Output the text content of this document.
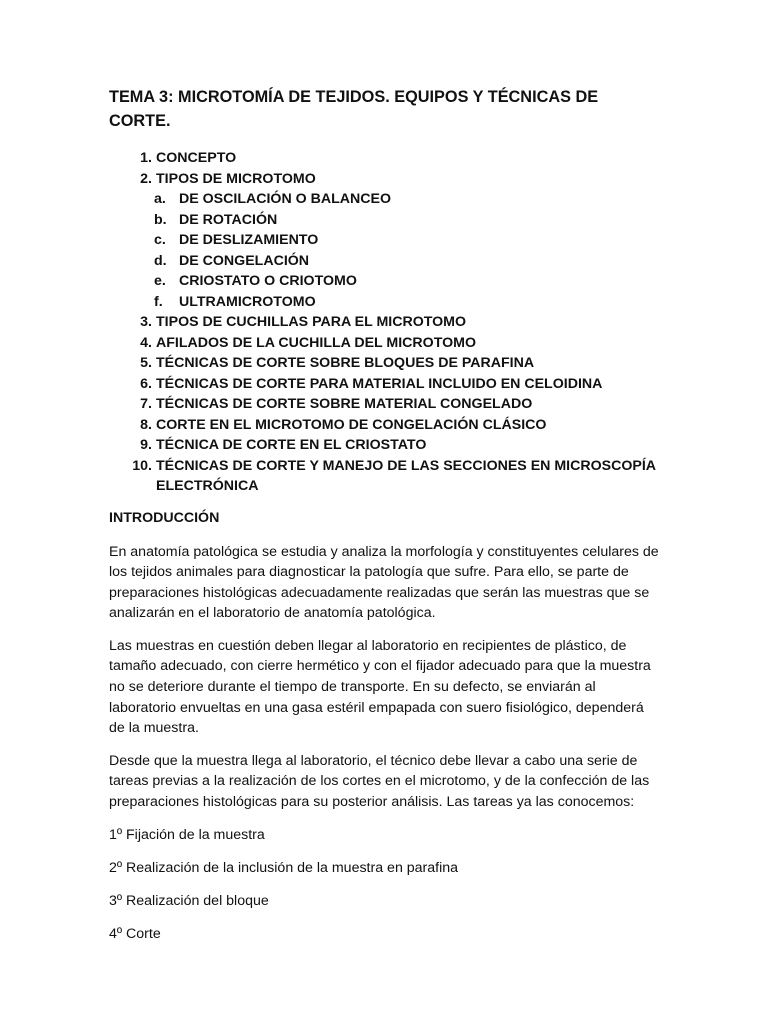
TEMA 3: MICROTOMÍA DE TEJIDOS. EQUIPOS Y TÉCNICAS DE CORTE.
1. CONCEPTO
2. TIPOS DE MICROTOMO
a. DE OSCILACIÓN O BALANCEO
b. DE ROTACIÓN
c. DE DESLIZAMIENTO
d. DE CONGELACIÓN
e. CRIOSTATO O CRIOTOMO
f.	ULTRAMICROTOMO
3. TIPOS DE CUCHILLAS PARA EL MICROTOMO
4. AFILADOS DE LA CUCHILLA DEL MICROTOMO
5. TÉCNICAS DE CORTE SOBRE BLOQUES DE PARAFINA
6. TÉCNICAS DE CORTE PARA MATERIAL INCLUIDO EN CELOIDINA
7. TÉCNICAS DE CORTE SOBRE MATERIAL CONGELADO
8. CORTE EN EL MICROTOMO DE CONGELACIÓN CLÁSICO
9. TÉCNICA DE CORTE EN EL CRIOSTATO
10. TÉCNICAS DE CORTE Y MANEJO DE LAS SECCIONES EN MICROSCOPÍA ELECTRÓNICA

INTRODUCCIÓN

En anatomía patológica se estudia y analiza la morfología y constituyentes celulares de los tejidos animales para diagnosticar la patología que sufre. Para ello, se parte de preparaciones histológicas adecuadamente realizadas que serán las muestras que se analizarán en el laboratorio de anatomía patológica.

Las muestras en cuestión deben llegar al laboratorio en recipientes de plástico, de tamaño adecuado, con cierre hermético y con el fijador adecuado para que la muestra no se deteriore durante el tiempo de transporte. En su defecto, se enviarán al laboratorio envueltas en una gasa estéril empapada con suero fisiológico, dependerá de la muestra.

Desde que la muestra llega al laboratorio, el técnico debe llevar a cabo una serie de tareas previas a la realización de los cortes en el microtomo, y de la confección de las preparaciones histológicas para su posterior análisis. Las tareas ya las conocemos:

1º Fijación de la muestra

2º Realización de la inclusión de la muestra en parafina

3º Realización del bloque

4º Corte
